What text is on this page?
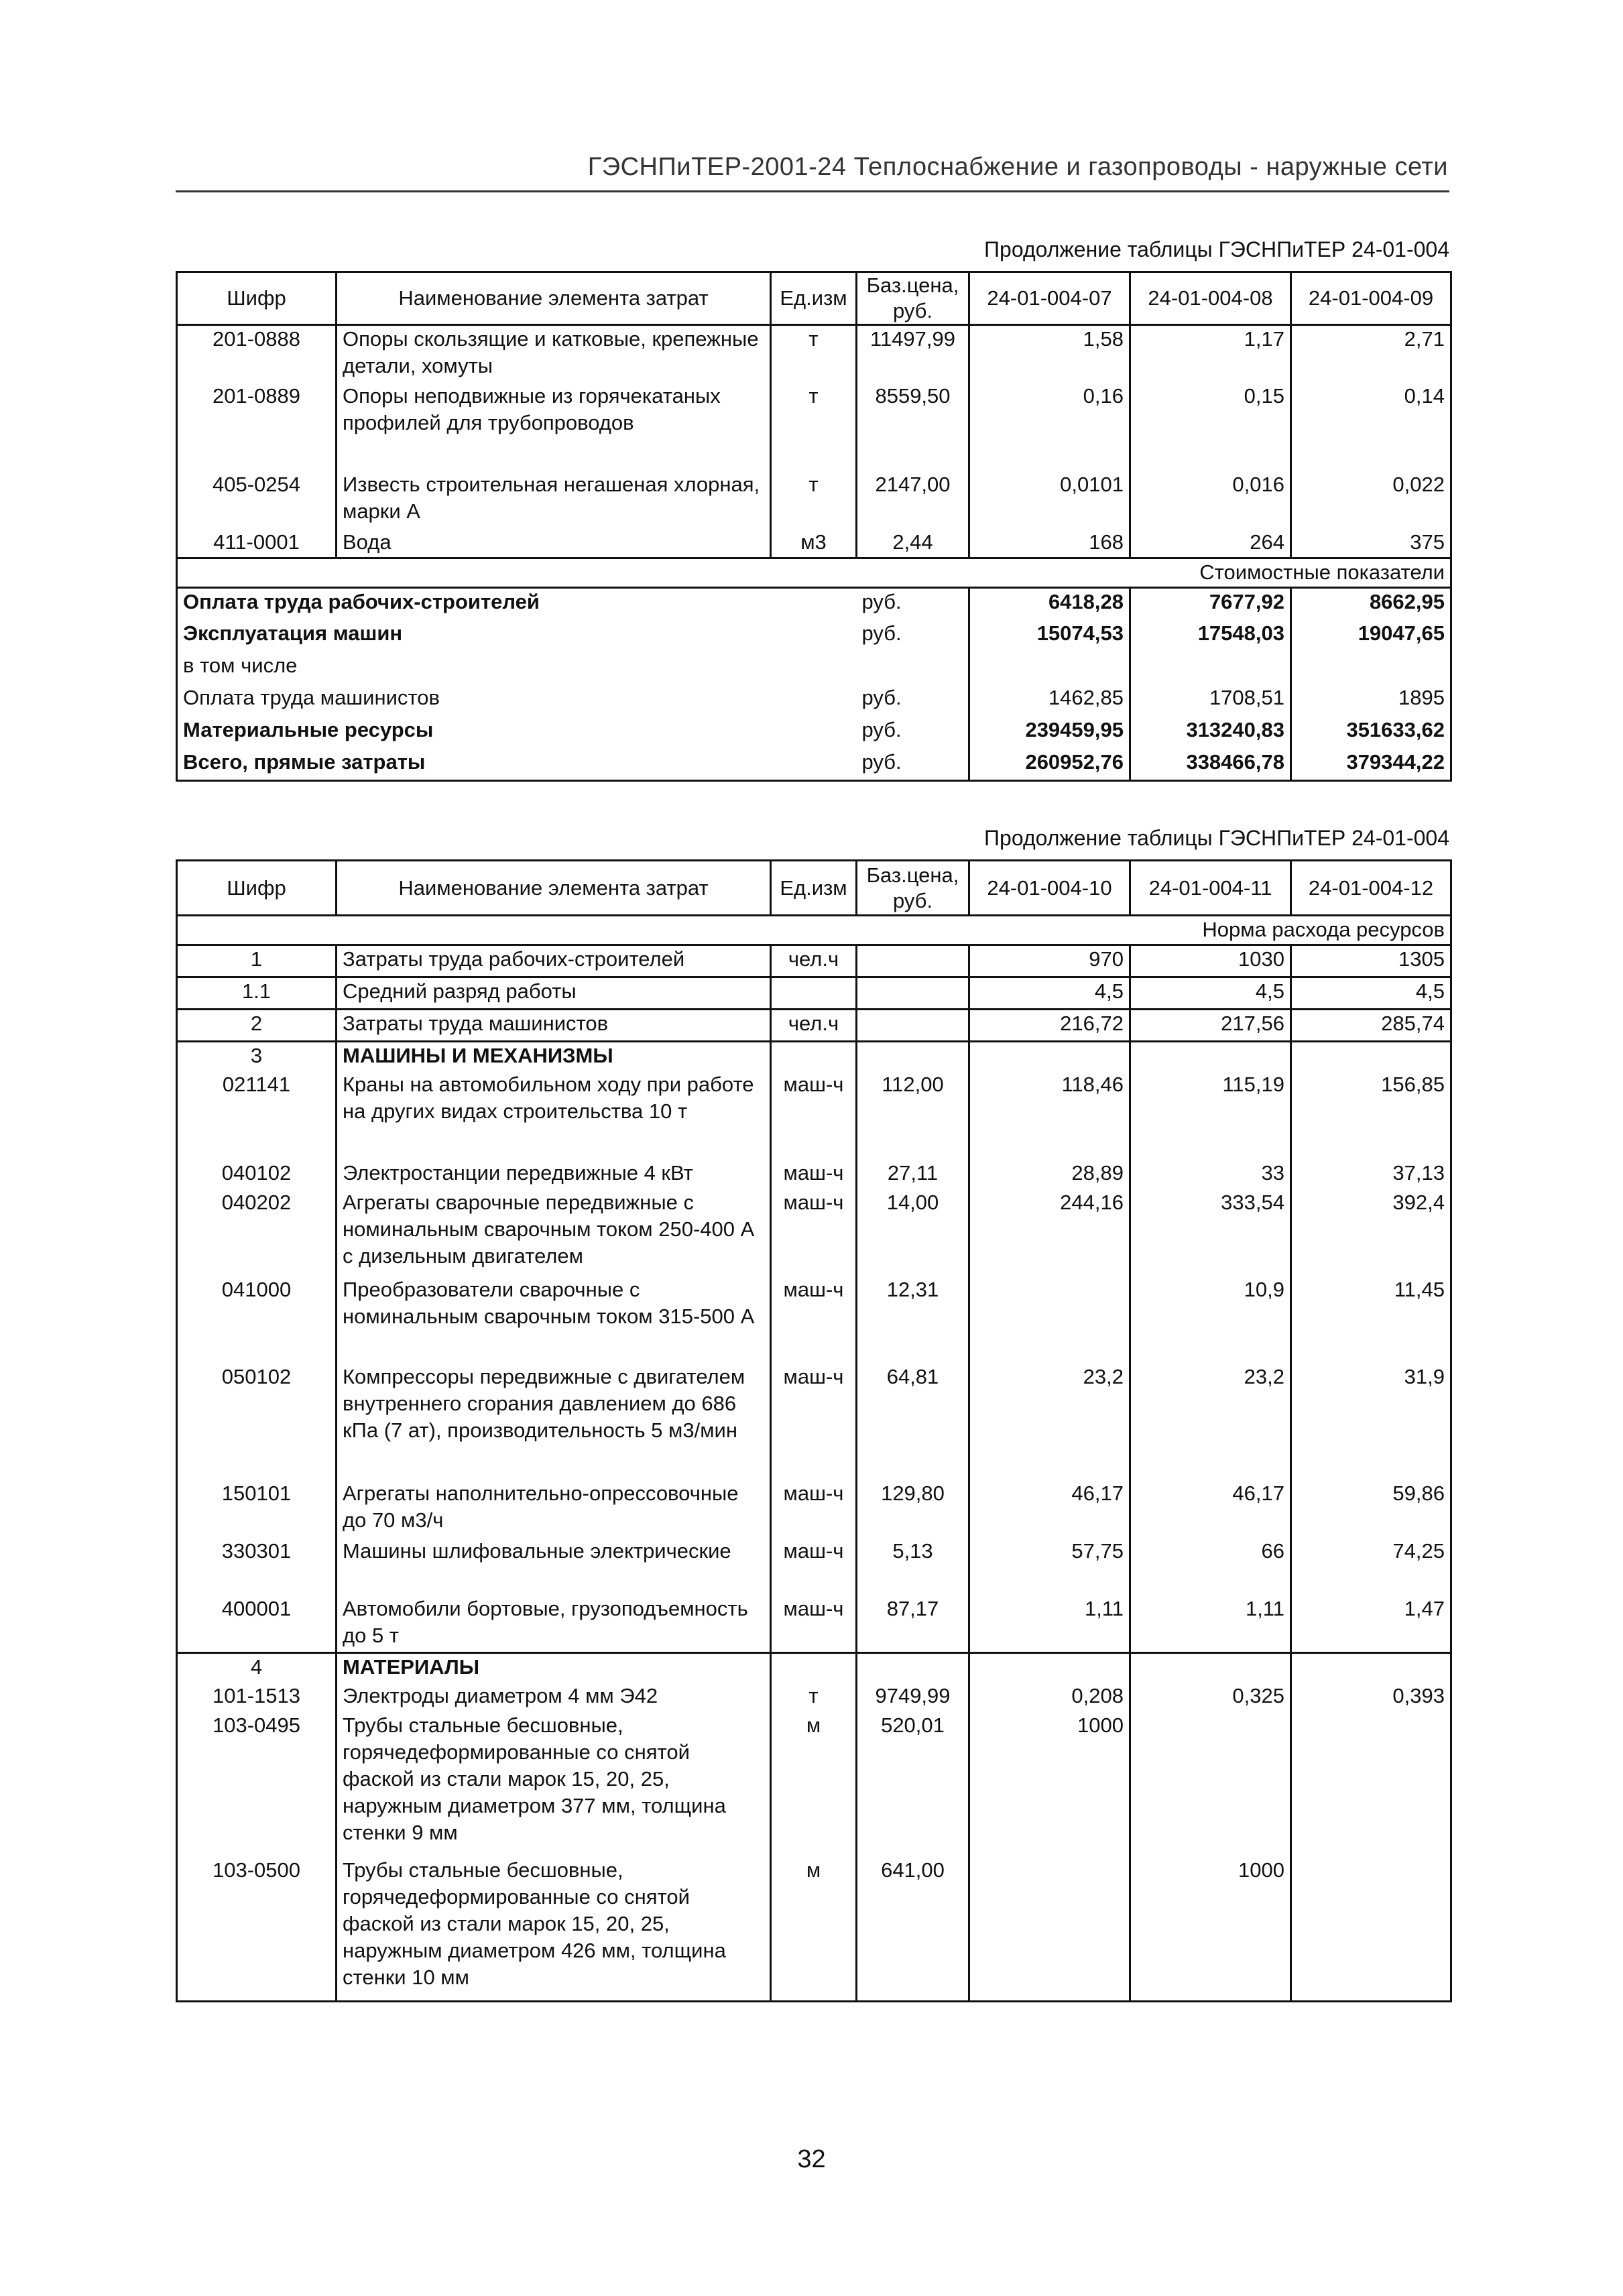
ГЭСНПиТЕР-2001-24 Теплоснабжение и газопроводы - наружные сети
Продолжение таблицы ГЭСНПиТЕР 24-01-004
Шифр	Наименование элемента затрат	Ед.изм	Баз.цена, руб.	24-01-004-07	24-01-004-08	24-01-004-09
201-0888	Опоры скользящие и катковые, крепежные детали, хомуты	т	11497,99	1,58	1,17	2,71
201-0889	Опоры неподвижные из горячекатаных профилей для трубопроводов	т	8559,50	0,16	0,15	0,14
405-0254	Известь строительная негашеная хлорная, марки А	т	2147,00	0,0101	0,016	0,022
411-0001	Вода	м3	2,44	168	264	375
Стоимостные показатели						
Оплата труда рабочих-строителей			руб.	6418,28	7677,92	8662,95
Эксплуатация машин			руб.	15074,53	17548,03	19047,65
в том числе						
Оплата труда машинистов			руб.	1462,85	1708,51	1895
Материальные ресурсы			руб.	239459,95	313240,83	351633,62
Всего, прямые затраты			руб.	260952,76	338466,78	379344,22
Продолжение таблицы ГЭСНПиТЕР 24-01-004
Шифр	Наименование элемента затрат	Ед.изм	Баз.цена, руб.	24-01-004-10	24-01-004-11	24-01-004-12
Норма расхода ресурсов						
1	Затраты труда рабочих-строителей	чел.ч		970	1030	1305
1.1	Средний разряд работы			4,5	4,5	4,5
2	Затраты труда машинистов	чел.ч		216,72	217,56	285,74
3	МАШИНЫ И МЕХАНИЗМЫ					
021141	Краны на автомобильном ходу при работе на других видах строительства 10 т	маш-ч	112,00	118,46	115,19	156,85
040102	Электростанции передвижные 4 кВт	маш-ч	27,11	28,89	33	37,13
040202	Агрегаты сварочные передвижные с номинальным сварочным током 250-400 А с дизельным двигателем	маш-ч	14,00	244,16	333,54	392,4
041000	Преобразователи сварочные с номинальным сварочным током 315-500 А	маш-ч	12,31		10,9	11,45
050102	Компрессоры передвижные с двигателем внутреннего сгорания давлением до 686 кПа (7 ат), производительность 5 м3/мин	маш-ч	64,81	23,2	23,2	31,9
150101	Агрегаты наполнительно-опрессовочные до 70 м3/ч	маш-ч	129,80	46,17	46,17	59,86
330301	Машины шлифовальные электрические	маш-ч	5,13	57,75	66	74,25
400001	Автомобили бортовые, грузоподъемность до 5 т	маш-ч	87,17	1,11	1,11	1,47
4	МАТЕРИАЛЫ					
101-1513	Электроды диаметром 4 мм Э42	т	9749,99	0,208	0,325	0,393
103-0495	Трубы стальные бесшовные, горячедеформированные со снятой фаской из стали марок 15, 20, 25, наружным диаметром 377 мм, толщина стенки 9 мм	м	520,01	1000		
103-0500	Трубы стальные бесшовные, горячедеформированные со снятой фаской из стали марок 15, 20, 25, наружным диаметром 426 мм, толщина стенки 10 мм	м	641,00		1000	
32
